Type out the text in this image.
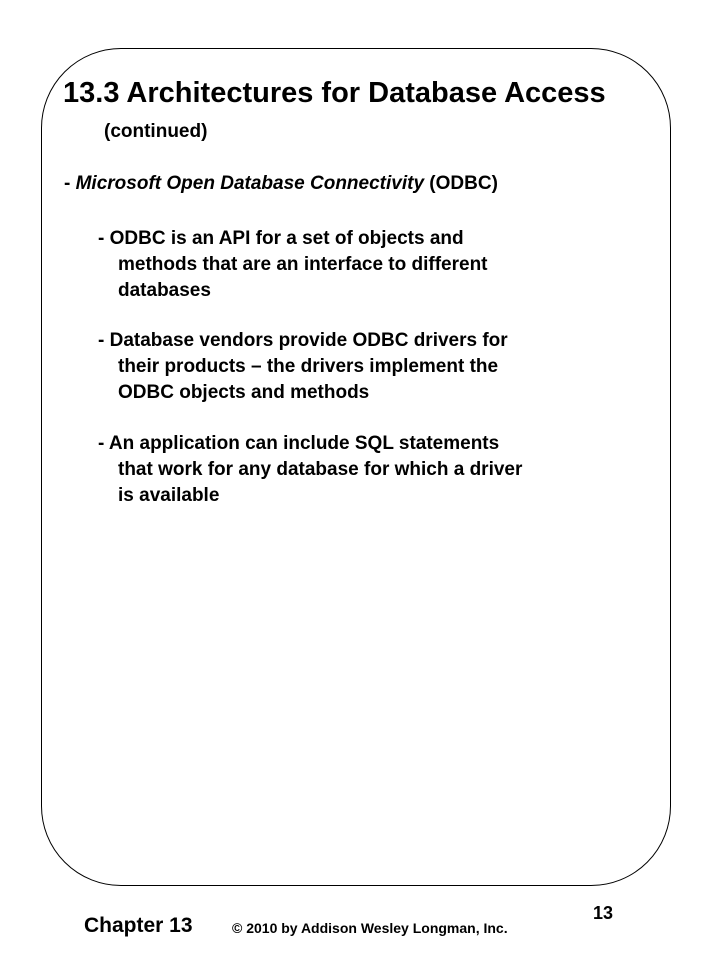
13.3 Architectures for Database Access
(continued)
- Microsoft Open Database Connectivity (ODBC)
- ODBC is an API for a set of objects and
methods that are an interface to different
databases
- Database vendors provide ODBC drivers for
their products – the drivers implement the
ODBC objects and methods
- An application can include SQL statements
that work for any database for which a driver
is available
Chapter 13	© 2010 by Addison Wesley Longman, Inc.
13
